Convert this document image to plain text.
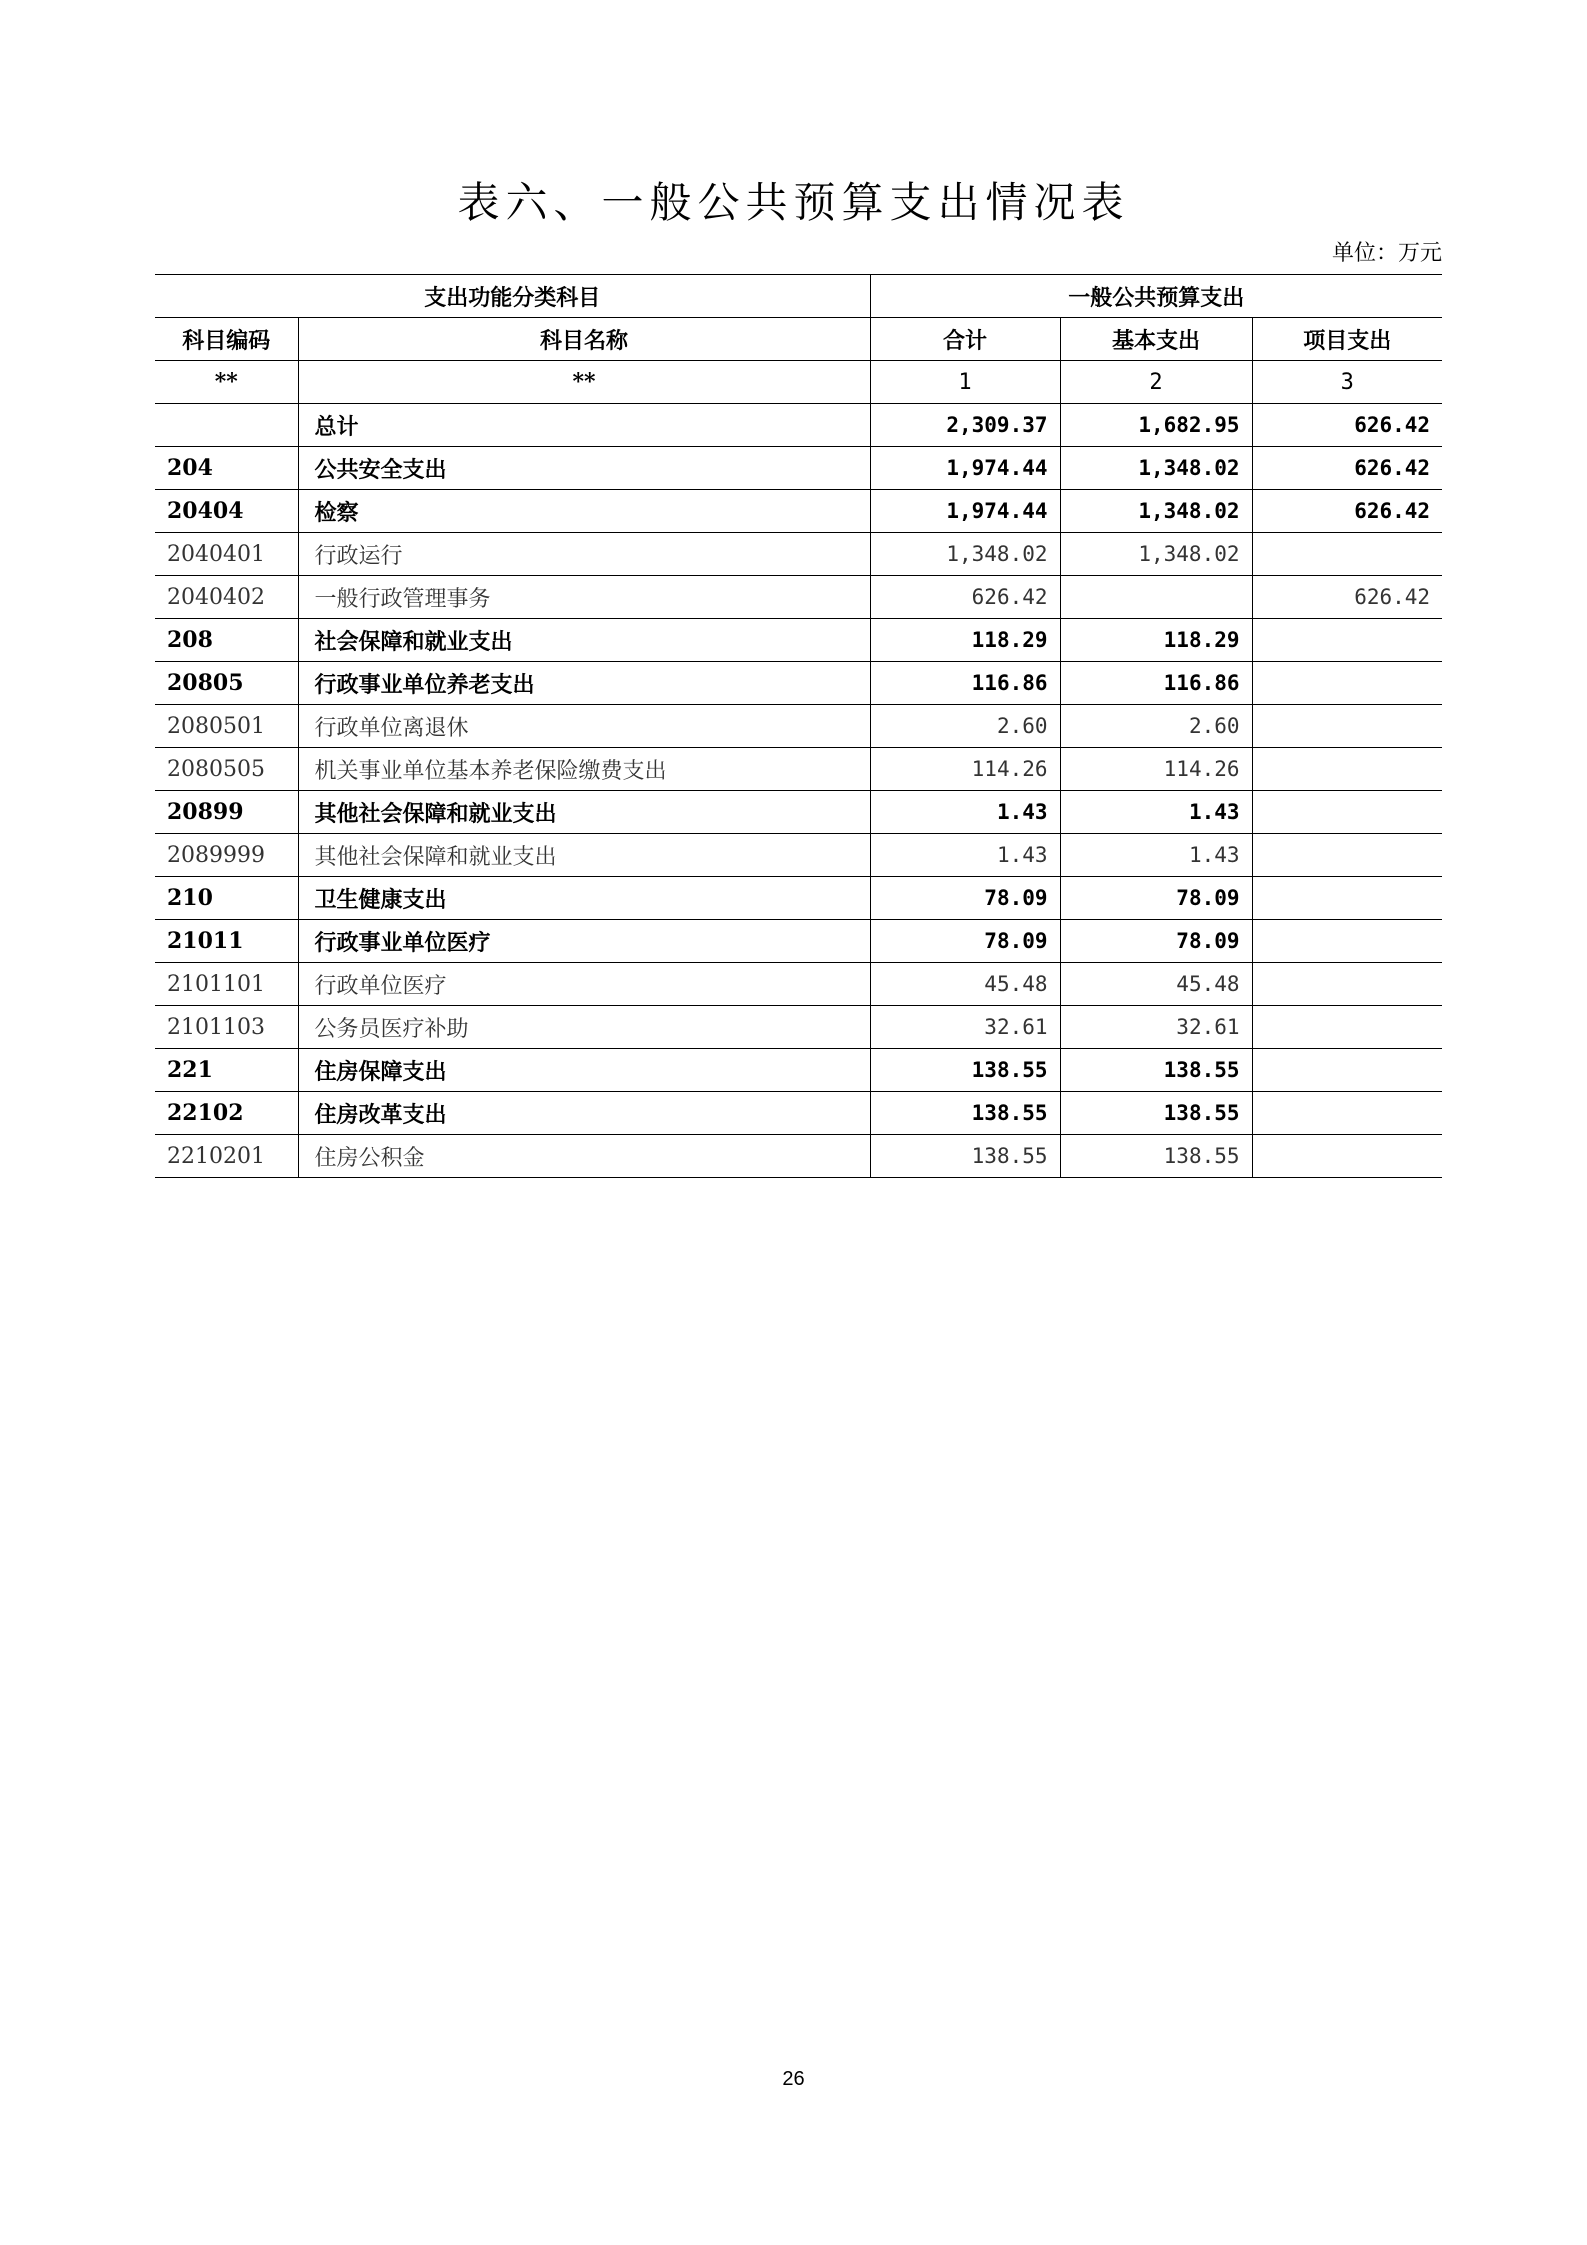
表六、一般公共预算支出情况表
单位：万元
支出功能分类科目		一般公共预算支出		
科目编码	科目名称	合计	基本支出	项目支出
**	**	1	2	3
	总计	2,309.37	1,682.95	626.42
204	公共安全支出	1,974.44	1,348.02	626.42
20404	检察	1,974.44	1,348.02	626.42
2040401	行政运行	1,348.02	1,348.02	
2040402	一般行政管理事务	626.42		626.42
208	社会保障和就业支出	118.29	118.29	
20805	行政事业单位养老支出	116.86	116.86	
2080501	行政单位离退休	2.60	2.60	
2080505	机关事业单位基本养老保险缴费支出	114.26	114.26	
20899	其他社会保障和就业支出	1.43	1.43	
2089999	其他社会保障和就业支出	1.43	1.43	
210	卫生健康支出	78.09	78.09	
21011	行政事业单位医疗	78.09	78.09	
2101101	行政单位医疗	45.48	45.48	
2101103	公务员医疗补助	32.61	32.61	
221	住房保障支出	138.55	138.55	
22102	住房改革支出	138.55	138.55	
2210201	住房公积金	138.55	138.55	
26
